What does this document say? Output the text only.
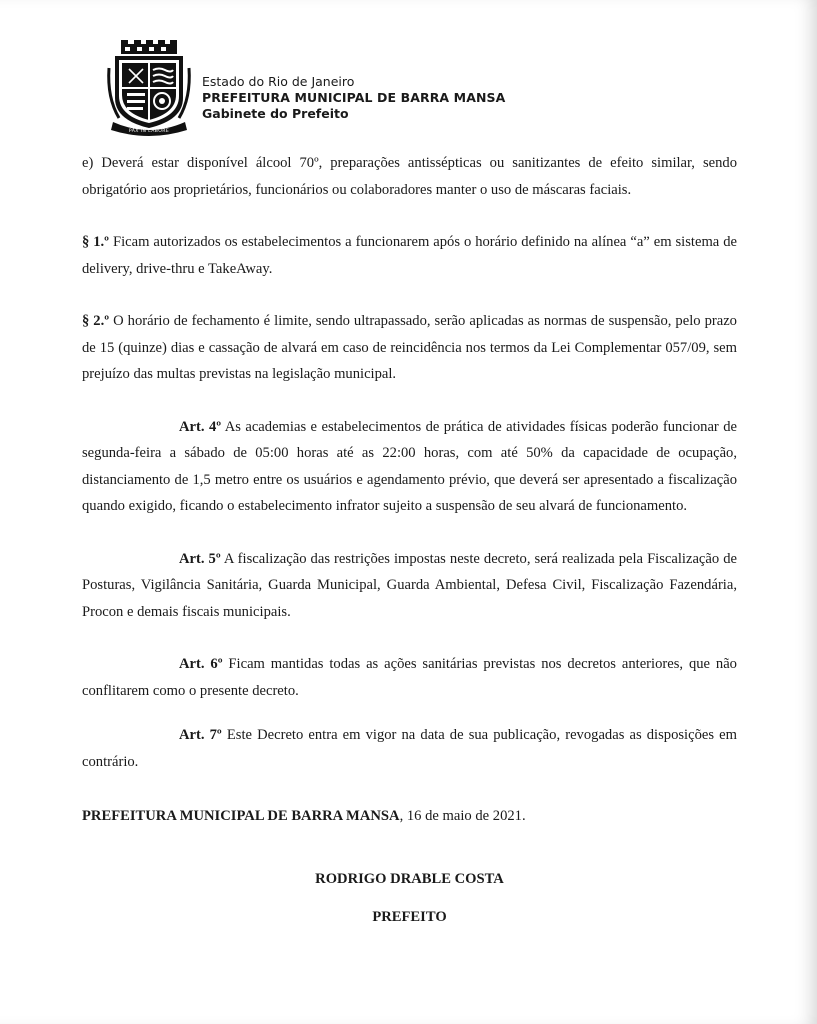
PAX IN LABORE
Estado do Rio de Janeiro
PREFEITURA MUNICIPAL DE BARRA MANSA
Gabinete do Prefeito

e) Deverá estar disponível álcool 70º, preparações antissépticas ou sanitizantes de efeito similar, sendo obrigatório aos proprietários, funcionários ou colaboradores manter o uso de máscaras faciais.

§ 1.º Ficam autorizados os estabelecimentos a funcionarem após o horário definido na alínea “a” em sistema de delivery, drive-thru e TakeAway.

§ 2.º O horário de fechamento é limite, sendo ultrapassado, serão aplicadas as normas de suspensão, pelo prazo de 15 (quinze) dias e cassação de alvará em caso de reincidência nos termos da Lei Complementar 057/09, sem prejuízo das multas previstas na legislação municipal.

Art. 4º As academias e estabelecimentos de prática de atividades físicas poderão funcionar de segunda-feira a sábado de 05:00 horas até as 22:00 horas, com até 50% da capacidade de ocupação, distanciamento de 1,5 metro entre os usuários e agendamento prévio, que deverá ser apresentado a fiscalização quando exigido, ficando o estabelecimento infrator sujeito a suspensão de seu alvará de funcionamento.

Art. 5º A fiscalização das restrições impostas neste decreto, será realizada pela Fiscalização de Posturas, Vigilância Sanitária, Guarda Municipal, Guarda Ambiental, Defesa Civil, Fiscalização Fazendária, Procon e demais fiscais municipais.

Art. 6º Ficam mantidas todas as ações sanitárias previstas nos decretos anteriores, que não conflitarem como o presente decreto.

Art. 7º Este Decreto entra em vigor na data de sua publicação, revogadas as disposições em contrário.

PREFEITURA MUNICIPAL DE BARRA MANSA, 16 de maio de 2021.

RODRIGO DRABLE COSTA

PREFEITO
